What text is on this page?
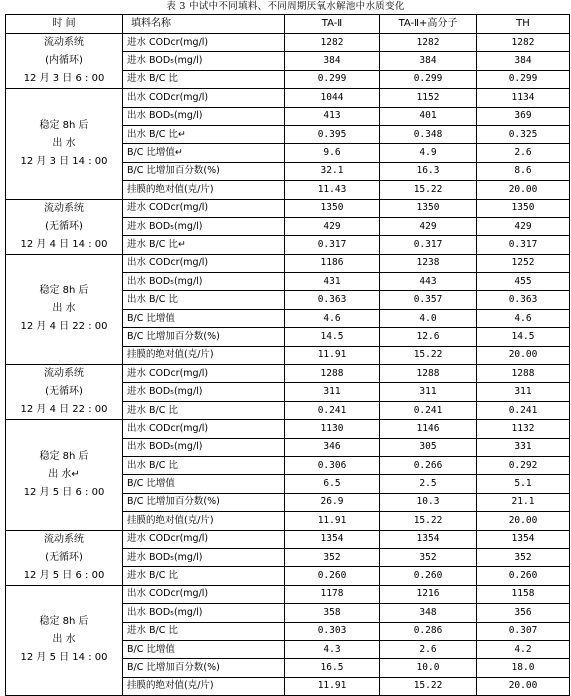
表 3 中试中不同填料、不同周期厌氧水解池中水质变化
时 间	填料名称	TA-Ⅱ	TA-Ⅱ+高分子	TH

流动系统
(内循环)
12 月 3 日 6 : 00	进水 CODcr(mg/l)	1282	1282	1282
	进水 BOD₅(mg/l)	384	384	384
	进水 B/C 比	0.299	0.299	0.299

稳定 8h 后
出 水
12 月 3 日 14 : 00	出水 CODcr(mg/l)	1044	1152	1134
	出水 BOD₅(mg/l)	413	401	369
	出水 B/C 比↵	0.395	0.348	0.325
	B/C 比增值↵	9.6	4.9	2.6
	B/C 比增加百分数(%)	32.1	16.3	8.6
	挂膜的绝对值(克/片)	11.43	15.22	20.00

流动系统
(无循环)
12 月 4 日 14 : 00	进水 CODcr(mg/l)	1350	1350	1350
	进水 BOD₅(mg/l)	429	429	429
	进水 B/C 比↵	0.317	0.317	0.317

稳定 8h 后
出 水
12 月 4 日 22 : 00	出水 CODcr(mg/l)	1186	1238	1252
	出水 BOD₅(mg/l)	431	443	455
	出水 B/C 比	0.363	0.357	0.363
	B/C 比增值	4.6	4.0	4.6
	B/C 比增加百分数(%)	14.5	12.6	14.5
	挂膜的绝对值(克/片)	11.91	15.22	20.00

流动系统
(无循环)
12 月 4 日 22 : 00	进水 CODcr(mg/l)	1288	1288	1288
	进水 BOD₅(mg/l)	311	311	311
	进水 B/C 比	0.241	0.241	0.241

稳定 8h 后
出 水↵
12 月 5 日 6 : 00	出水 CODcr(mg/l)	1130	1146	1132
	出水 BOD₅(mg/l)	346	305	331
	出水 B/C 比	0.306	0.266	0.292
	B/C 比增值	6.5	2.5	5.1
	B/C 比增加百分数(%)	26.9	10.3	21.1
	挂膜的绝对值(克/片)	11.91	15.22	20.00

流动系统
(无循环)
12 月 5 日 6 : 00	进水 CODcr(mg/l)	1354	1354	1354
	进水 BOD₅(mg/l)	352	352	352
	进水 B/C 比	0.260	0.260	0.260

稳定 8h 后
出 水
12 月 5 日 14 : 00	出水 CODcr(mg/l)	1178	1216	1158
	出水 BOD₅(mg/l)	358	348	356
	进水 B/C 比	0.303	0.286	0.307
	B/C 比增值	4.3	2.6	4.2
	B/C 比增加百分数(%)	16.5	10.0	18.0
	挂膜的绝对值(克/片)	11.91	15.22	20.00
